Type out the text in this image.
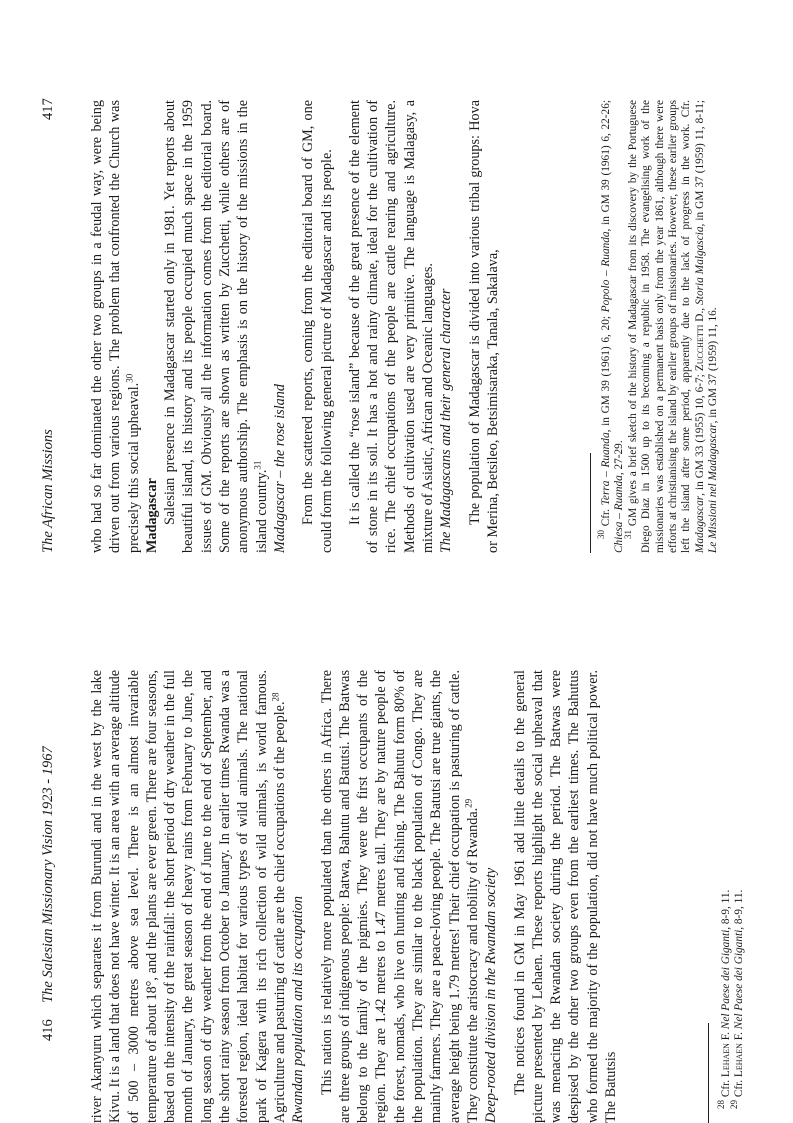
416
The Salesian Missionary Vision 1923 - 1967 river Akanyuru which separates it from Burundi and in the west by the lake Kivu. It is a land that does not have winter. It is an area with an average altitude of 500 – 3000 metres above sea level. There is an almost invariable temperature of about 18°, and the plants are ever green. There are four seasons, based on the intensity of the rainfall: the short period of dry weather in the full month of January, the great season of heavy rains from February to June, the long season of dry weather from the end of June to the end of September, and the short rainy season from October to January. In earlier times Rwanda was a forested region, ideal habitat for various types of wild animals. The national park of Kagera with its rich collection of wild animals, is world famous. Agriculture and pasturing of cattle are the chief occupations of the people.$^{28}$

Rwandan population and its occupation This nation is relatively more populated than the others in Africa. There are three groups of indigenous people: Batwa, Bahutu and Batutsi. The Batwas belong to the family of the pigmies. They were the first occupants of the region. They are 1.42 metres to 1.47 metres tall. They are by nature people of the forest, nomads, who live on hunting and fishing. The Bahutu form 80% of the population. They are similar to the black population of Congo. They are mainly farmers. They are a peace-loving people. The Batutsi are true giants, the average height being 1.79 metres! Their chief occupation is pasturing of cattle. They constitute the aristocracy and nobility of Rwanda.$^{29}$

Deep-rooted division in the Rwandan society The notices found in GM in May 1961 add little details to the general picture presented by Lehaen. These reports highlight the social upheaval that was menacing the Rwandan society during the period. The Batwas were despised by the other two groups even from the earliest times. The Bahutus who formed the majority of the population, did not have much political power. The Batutsis	$^{28}$ Cfr. Lehaen F. Nel Paese dei Giganti, 8-9, 11.

$^{29}$ Cfr. Lehaen F. Nel Paese dei Giganti, 8-9, 11.

The African Missions
417 who had so far dominated the other two groups in a feudal way, were being driven out from various regions. The problem that confronted the Church was precisely this social upheaval.$^{30}$

Madagascar Salesian presence in Madagascar started only in 1981. Yet reports about beautiful island, its history and its people occupied much space in the 1959 issues of GM. Obviously all the information comes from the editorial board. Some of the reports are shown as written by Zucchetti, while others are of anonymous authorship. The emphasis is on the history of the missions in the island country.$^{31}$ Madagascar – the rose island From the scattered reports, coming from the editorial board of GM, one could form the following general picture of Madagascar and its people. It is called the “rose island” because of the great presence of the element of stone in its soil. It has a hot and rainy climate, ideal for the cultivation of rice. The chief occupations of the people are cattle rearing and agriculture. Methods of cultivation used are very primitive. The language is Malagasy, a mixture of Asiatic, African and Oceanic languages. The Madagascans and their general character The population of Madagascar is divided into various tribal groups: Hova or Merina, Betsileo, Betsimisaraka, Tanala, Sakalava,	$^{30}$ Cfr. Terra – Ruanda, in GM 39 (1961) 6, 20; Popolo – Ruanda, in GM 39 (1961) 6, 22-26; Chiesa – Ruanda, 27-29.

$^{31}$ GM gives a brief sketch of the history of Madagascar from its discovery by the Portuguese Diego Diaz in 1500 up to its becoming a republic in 1958. The evangelising work of the missionaries was established on a permanent basis only from the year 1861, although there were efforts at christianising the island by earlier groups of missionaries. However, these earlier groups left the island after some period, apparently due to the lack of progress in the work. Cfr. Madagascar, in GM 33 (1955) 10, 6-7; Zucchetti D., Storia Malgascia, in GM 37 (1959) 11, 8-11; Le Missioni nel Madagascar, in GM 37 (1959) 11, 16.
